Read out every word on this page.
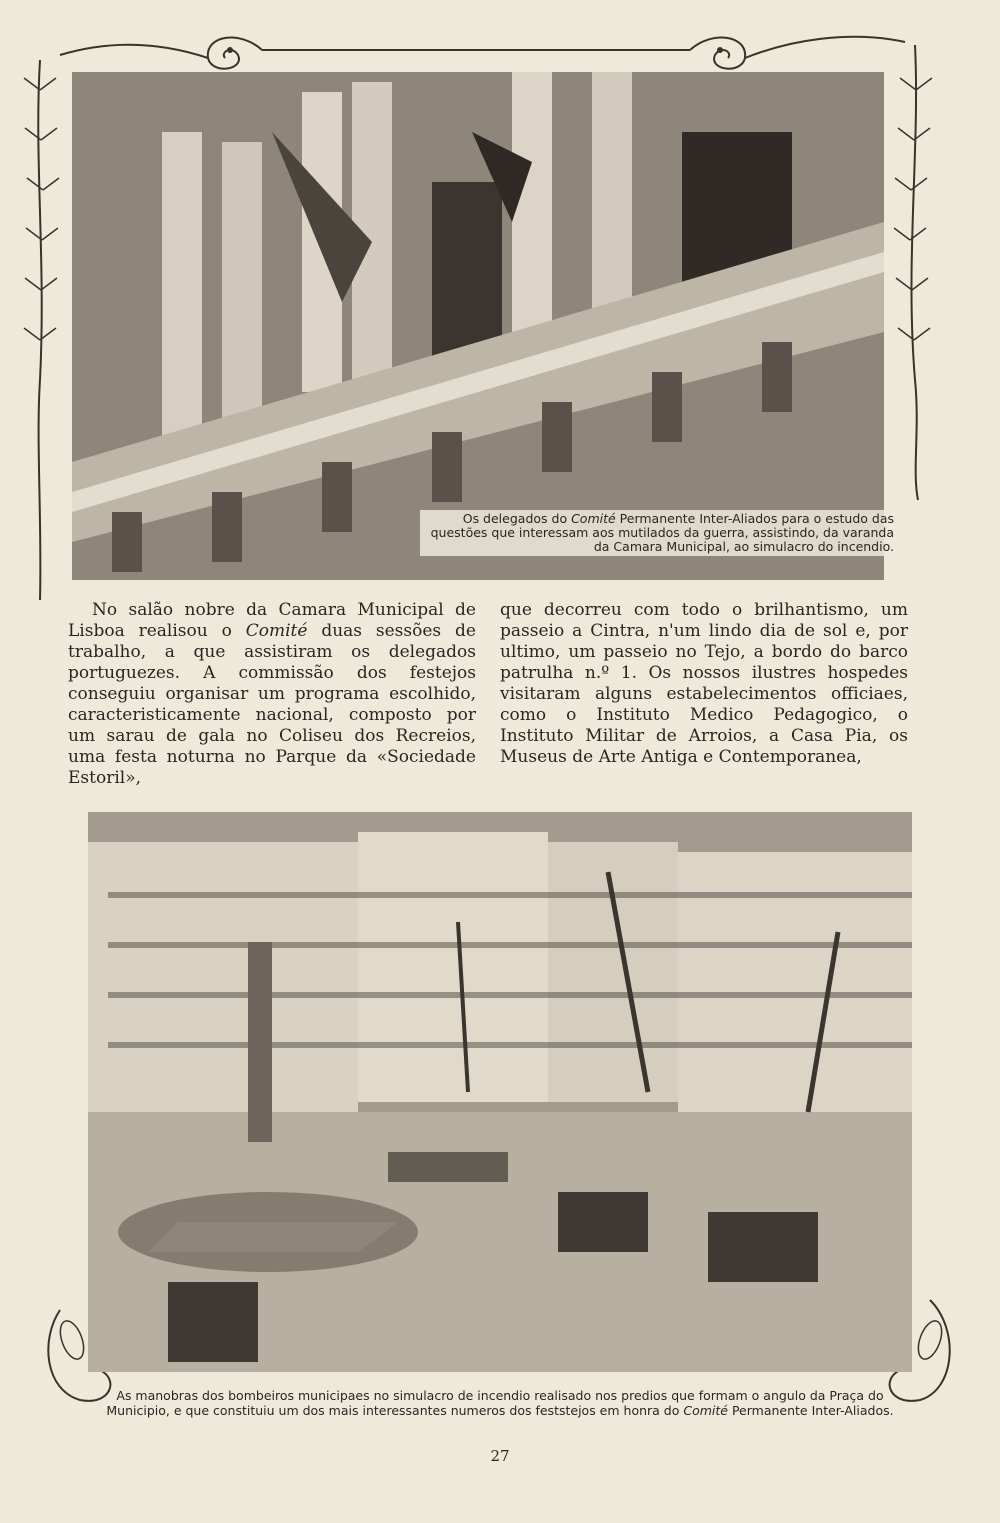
Os delegados do Comité Permanente Inter-Aliados para o estudo das questões que interessam aos mutilados da guerra, assistindo, da varanda da Camara Municipal, ao simulacro do incendio.

No salão nobre da Camara Municipal de Lisboa realisou o Comité duas sessões de trabalho, a que assistiram os delegados portuguezes. A commissão dos festejos conseguiu organisar um programa escolhido, caracteristicamente nacional, composto por um sarau de gala no Coliseu dos Recreios, uma festa noturna no Parque da «Sociedade Estoril»,

que decorreu com todo o brilhantismo, um passeio a Cintra, n'um lindo dia de sol e, por ultimo, um passeio no Tejo, a bordo do barco patrulha n.º 1. Os nossos ilustres hospedes visitaram alguns estabelecimentos officiaes, como o Instituto Medico Pedagogico, o Instituto Militar de Arroios, a Casa Pia, os Museus de Arte Antiga e Contemporanea,

As manobras dos bombeiros municipaes no simulacro de incendio realisado nos predios que formam o angulo da Praça do Municipio, e que constituiu um dos mais interessantes numeros dos feststejos em honra do Comité Permanente Inter-Aliados.
27
